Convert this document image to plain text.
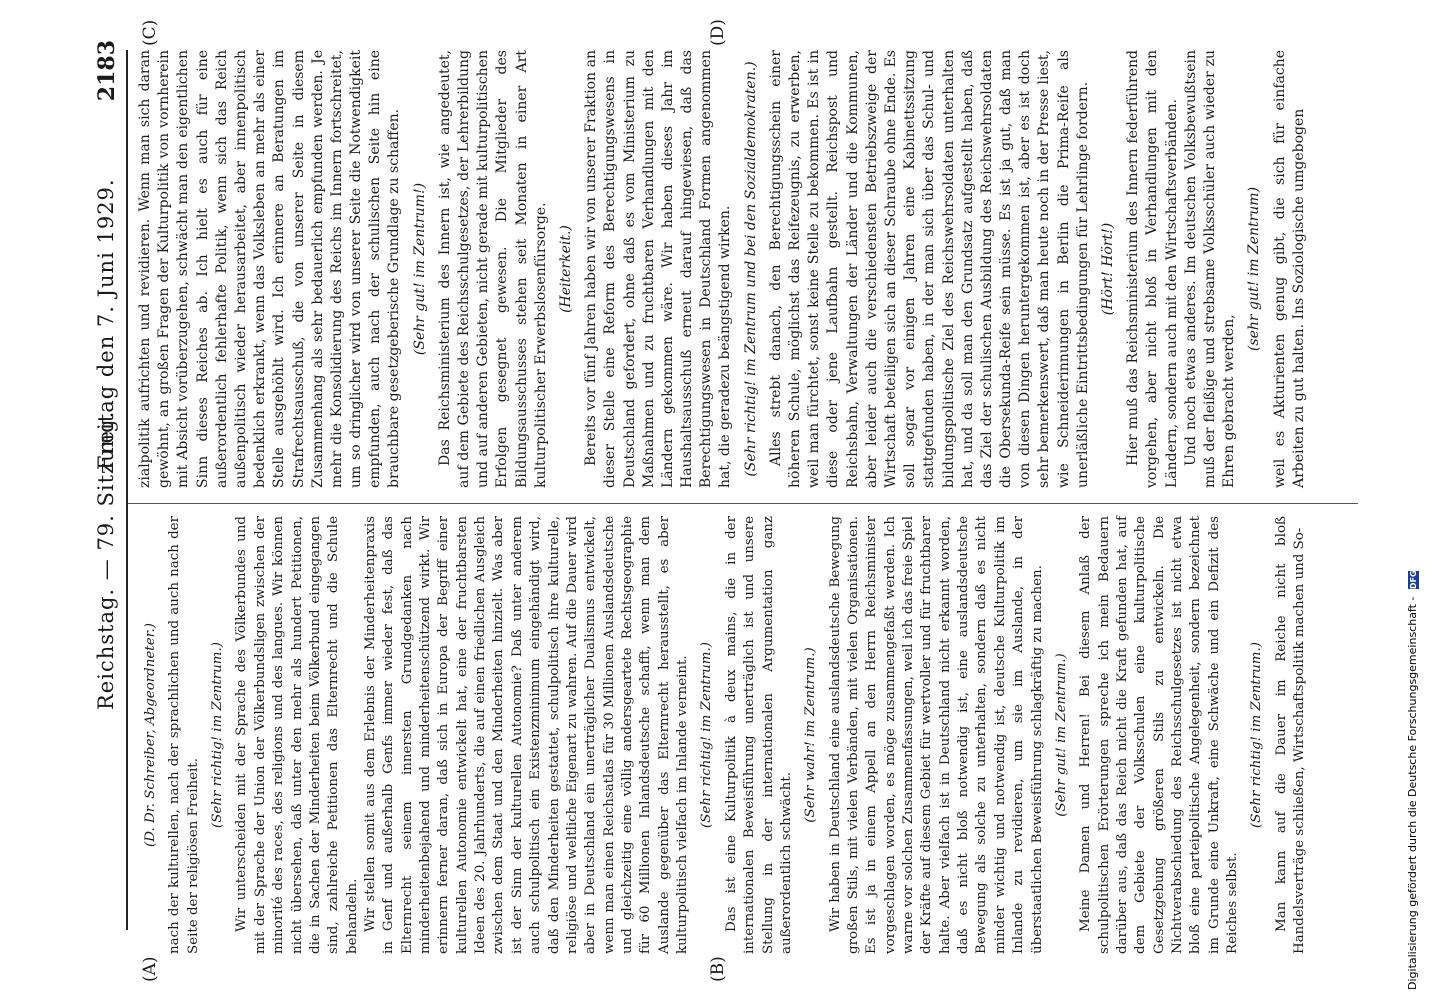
Reichstag. — 79. Sitzung.
Freitag den 7. Juni 1929.
2183
(A)	(B)
(C)	(D)

(D. Dr. Schreiber, Abgeordneter.) nach der kulturellen, nach der sprachlichen und auch nach der Seite der religiösen Freiheit.

(Sehr richtig! im Zentrum.) Wir unterscheiden mit der Sprache des Völkerbundes und mit der Sprache der Union der Völkerbundsligen zwischen der minorité des races, des religions und des langues. Wir können nicht übersehen, daß unter den mehr als hundert Petitionen, die in Sachen der Minderheiten beim Völkerbund eingegangen sind, zahlreiche Petitionen das Elternrecht und die Schule behandeln. Wir stellen somit aus dem Erlebnis der Minderheitenpraxis in Genf und außerhalb Genfs immer wieder fest, daß das Elternrecht seinem innersten Grundgedanken nach minderheitenbejahend und minderheitenschützend wirkt. Wir erinnern ferner daran, daß sich in Europa der Begriff einer kulturellen Autonomie entwickelt hat, eine der fruchtbarsten Ideen des 20. Jahrhunderts, die auf einen friedlichen Ausgleich zwischen dem Staat und den Minderheiten hinzielt. Was aber ist der Sinn der kulturellen Autonomie? Daß unter anderem auch schulpolitisch ein Existenzminimum eingehändigt wird, daß den Minderheiten gestattet, schulpolitisch ihre kulturelle, religiöse und weltliche Eigenart zu wahren. Auf die Dauer wird aber in Deutschland ein unerträglicher Dualismus entwickelt, wenn man einen Reichsatlas für 30 Millionen Auslandsdeutsche und gleichzeitig eine völlig andersgeartete Rechtsgeographie für 60 Millionen Inlandsdeutsche schafft, wenn man dem Auslande gegenüber das Elternrecht herausstellt, es aber kulturpolitisch vielfach im Inlande verneint. (Sehr richtig! im Zentrum.) Das ist eine Kulturpolitik à deux mains, die in der internationalen Beweisführung unerträglich ist und unsere Stellung in der internationalen Argumentation ganz außerordentlich schwächt.

(Sehr wahr! im Zentrum.) Wir haben in Deutschland eine auslandsdeutsche Bewegung großen Stils, mit vielen Verbänden, mit vielen Organisationen. Es ist ja in einem Appell an den Herrn Reichsminister vorgeschlagen worden, es möge zusammengefaßt werden. Ich warne vor solchen Zusammenfassungen, weil ich das freie Spiel der Kräfte auf diesem Gebiet für wertvoller und für fruchtbarer halte. Aber vielfach ist in Deutschland nicht erkannt worden, daß es nicht bloß notwendig ist, eine auslandsdeutsche Bewegung als solche zu unterhalten, sondern daß es nicht minder wichtig und notwendig ist, deutsche Kulturpolitik im Inlande zu revidieren, um sie im Auslande, in der überstaatlichen Beweisführung schlagkräftig zu machen. (Sehr gut! im Zentrum.) Meine Damen und Herren! Bei diesem Anlaß der schulpolitischen Erörterungen spreche ich mein Bedauern darüber aus, daß das Reich nicht die Kraft gefunden hat, auf dem Gebiete der Volksschulen eine kulturpolitische Gesetzgebung größeren Stils zu entwickeln. Die Nichtverabschiedung des Reichsschulgesetzes ist nicht etwa bloß eine parteipolitische Angelegenheit, sondern bezeichnet im Grunde eine Unkraft, eine Schwäche und ein Defizit des Reiches selbst.

(Sehr richtig! im Zentrum.) Man kann auf die Dauer im Reiche nicht bloß Handelsverträge schließen, Wirtschaftspolitik machen und So-

zialpolitik aufrichten und revidieren. Wenn man sich daran gewöhnt, an großen Fragen der Kulturpolitik von vornherein mit Absicht vorüberzugehen, schwächt man den eigentlichen Sinn dieses Reiches ab. Ich hielt es auch für eine außerordentlich fehlerhafte Politik, wenn sich das Reich außenpolitisch wieder herausarbeitet, aber innenpolitisch bedenklich erkrankt, wenn das Volksleben an mehr als einer Stelle ausgehöhlt wird. Ich erinnere an Beratungen im Strafrechtsausschuß, die von unserer Seite in diesem Zusammenhang als sehr bedauerlich empfunden werden. Je mehr die Konsolidierung des Reichs im Innern fortschreitet, um so dringlicher wird von unserer Seite die Notwendigkeit empfunden, auch nach der schulischen Seite hin eine brauchbare gesetzgeberische Grundlage zu schaffen. (Sehr gut! im Zentrum!) Das Reichsministerium des Innern ist, wie angedeutet, auf dem Gebiete des Reichsschulgesetzes, der Lehrerbildung und auf anderen Gebieten, nicht gerade mit kulturpolitischen Erfolgen gesegnet gewesen. Die Mitglieder des Bildungsausschusses stehen seit Monaten in einer Art kulturpolitischer Erwerbslosenfürsorge. (Heiterkeit.) Bereits vor fünf Jahren haben wir von unserer Fraktion an dieser Stelle eine Reform des Berechtigungswesens in Deutschland gefordert, ohne daß es vom Ministerium zu Maßnahmen und zu fruchtbaren Verhandlungen mit den Ländern gekommen wäre. Wir haben dieses Jahr im Haushaltsausschuß erneut darauf hingewiesen, daß das Berechtigungswesen in Deutschland Formen angenommen hat, die geradezu beängstigend wirken. (Sehr richtig! im Zentrum und bei den Sozialdemokraten.) Alles strebt danach, den Berechtigungsschein einer höheren Schule, möglichst das Reifezeugnis, zu erwerben, weil man fürchtet, sonst keine Stelle zu bekommen. Es ist in diese oder jene Laufbahn gestellt. Reichspost und Reichsbahn, Verwaltungen der Länder und die Kommunen, aber leider auch die verschiedensten Betriebszweige der Wirtschaft beteiligen sich an dieser Schraube ohne Ende. Es soll sogar vor einigen Jahren eine Kabinettssitzung stattgefunden haben, in der man sich über das Schul- und bildungspolitische Ziel des Reichswehrsoldaten unterhalten hat, und da soll man den Grundsatz aufgestellt haben, daß das Ziel der schulischen Ausbildung des Reichswehrsoldaten die Obersekunda-Reife sein müsse. Es ist ja gut, daß man von diesen Dingen heruntergekommen ist, aber es ist doch sehr bemerkenswert, daß man heute noch in der Presse liest, wie Schneiderinnungen in Berlin die Prima-Reife als unerläßliche Eintrittsbedingungen für Lehrlinge fordern. (Hört! Hört!) Hier muß das Reichsministerium des Innern federführend vorgehen, aber nicht bloß in Verhandlungen mit den Ländern, sondern auch mit den Wirtschaftsverbänden. Und noch etwas anderes. Im deutschen Volksbewußtsein muß der fleißige und strebsame Volksschüler auch wieder zu Ehren gebracht werden,

(sehr gut! im Zentrum) weil es Akturienten genug gibt, die sich für einfache Arbeiten zu gut halten. Ins Soziologische umgebogen

Digitalisierung gefördert durch die Deutsche Forschungsgemeinschaft - DFG
